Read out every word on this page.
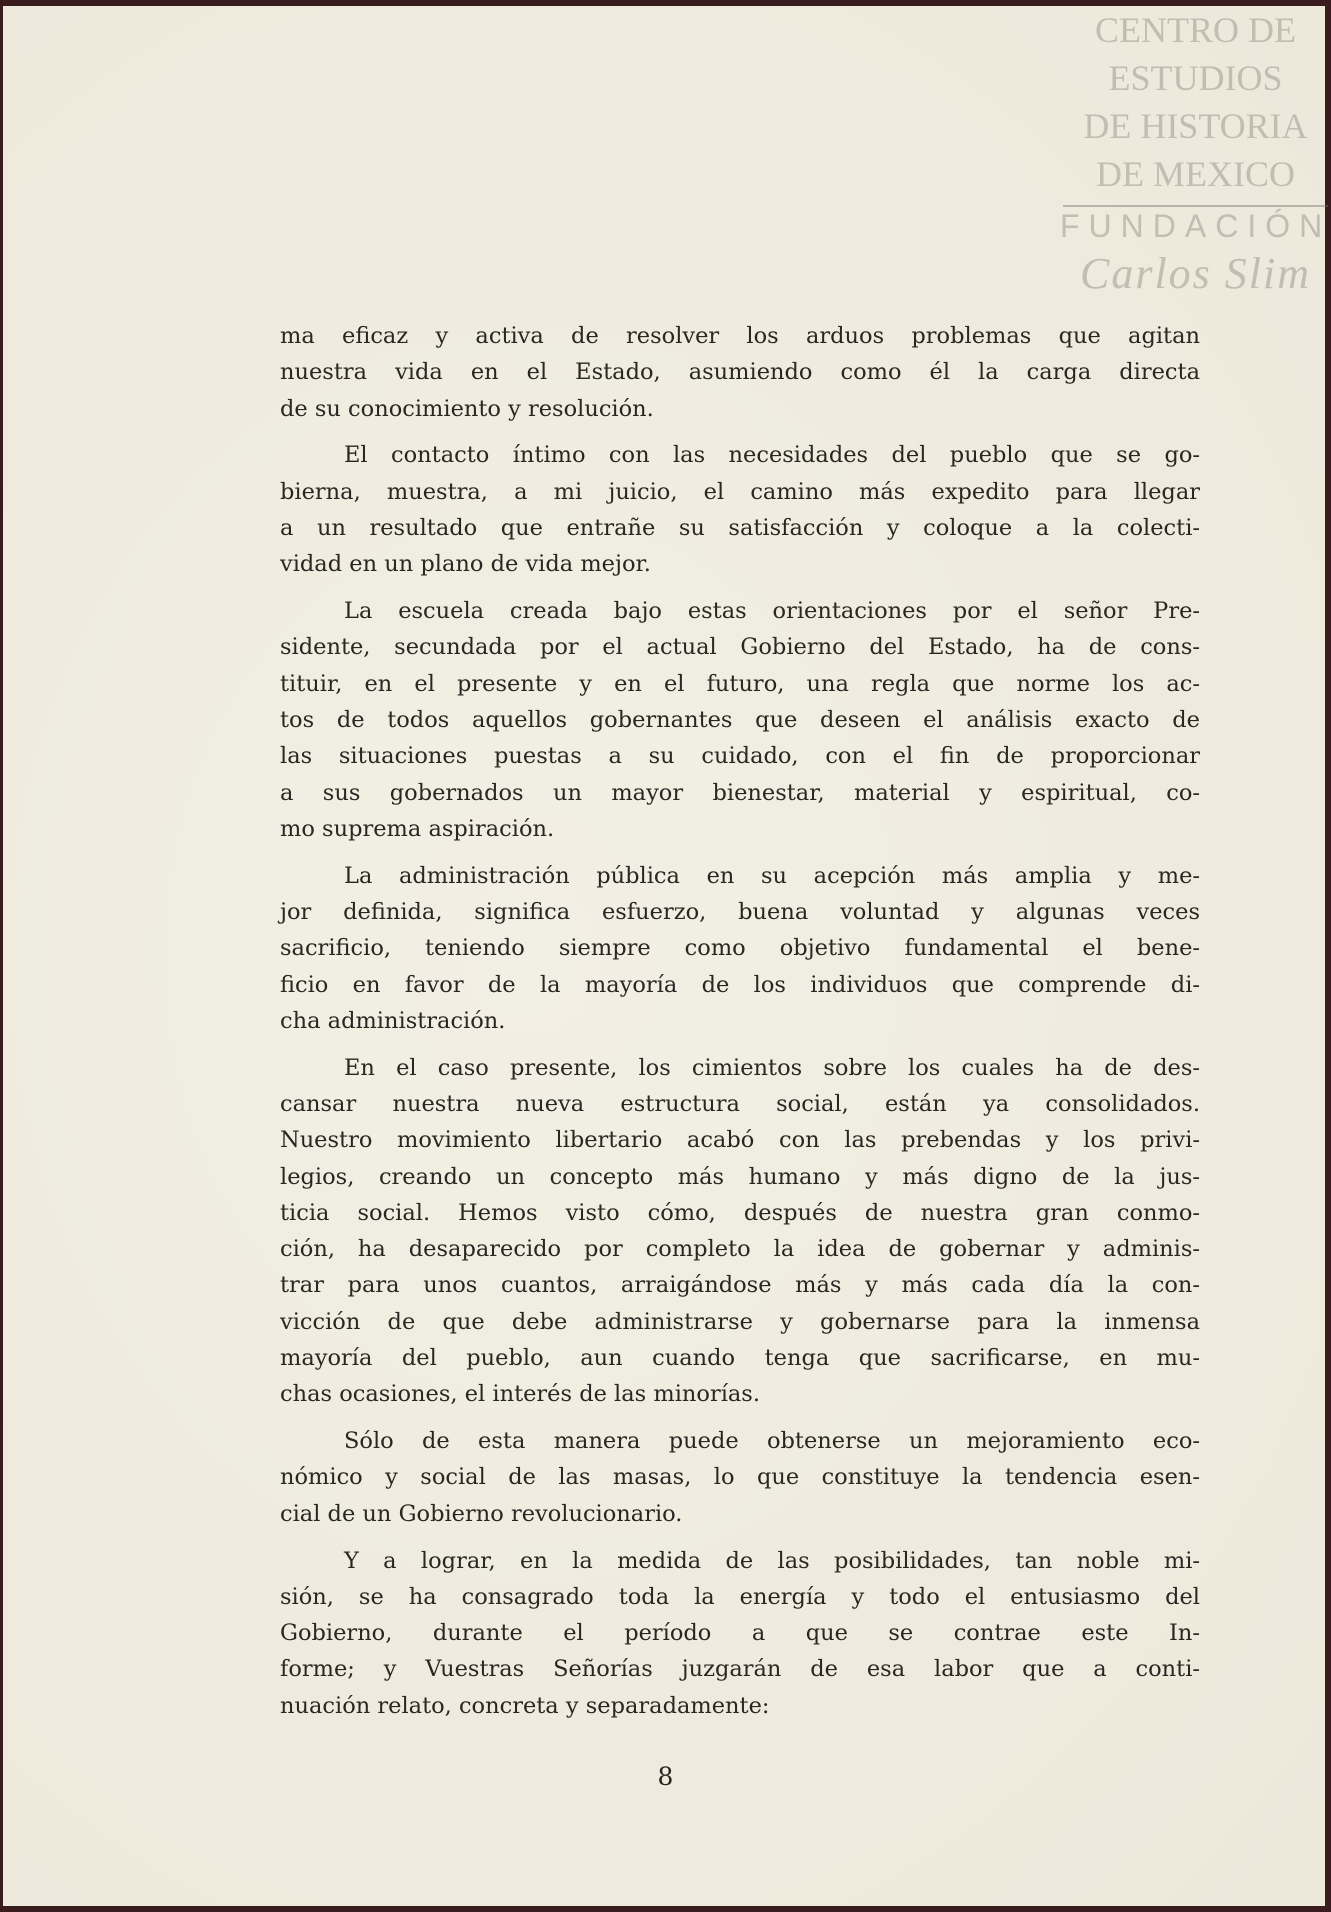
CENTRO DE
ESTUDIOS
DE HISTORIA
DE MEXICO
FUNDACIÓN
Carlos Slim
ma eficaz y activa de resolver los arduos problemas que agitan
nuestra vida en el Estado, asumiendo como él la carga directa
de su conocimiento y resolución.
El contacto íntimo con las necesidades del pueblo que se go-
bierna, muestra, a mi juicio, el camino más expedito para llegar
a un resultado que entrañe su satisfacción y coloque a la colecti-
vidad en un plano de vida mejor.
La escuela creada bajo estas orientaciones por el señor Pre-
sidente, secundada por el actual Gobierno del Estado, ha de cons-
tituir, en el presente y en el futuro, una regla que norme los ac-
tos de todos aquellos gobernantes que deseen el análisis exacto de
las situaciones puestas a su cuidado, con el fin de proporcionar
a sus gobernados un mayor bienestar, material y espiritual, co-
mo suprema aspiración.
La administración pública en su acepción más amplia y me-
jor definida, significa esfuerzo, buena voluntad y algunas veces
sacrificio, teniendo siempre como objetivo fundamental el bene-
ficio en favor de la mayoría de los individuos que comprende di-
cha administración.
En el caso presente, los cimientos sobre los cuales ha de des-
cansar nuestra nueva estructura social, están ya consolidados.
Nuestro movimiento libertario acabó con las prebendas y los privi-
legios, creando un concepto más humano y más digno de la jus-
ticia social. Hemos visto cómo, después de nuestra gran conmo-
ción, ha desaparecido por completo la idea de gobernar y adminis-
trar para unos cuantos, arraigándose más y más cada día la con-
vicción de que debe administrarse y gobernarse para la inmensa
mayoría del pueblo, aun cuando tenga que sacrificarse, en mu-
chas ocasiones, el interés de las minorías.
Sólo de esta manera puede obtenerse un mejoramiento eco-
nómico y social de las masas, lo que constituye la tendencia esen-
cial de un Gobierno revolucionario.
Y a lograr, en la medida de las posibilidades, tan noble mi-
sión, se ha consagrado toda la energía y todo el entusiasmo del
Gobierno, durante el período a que se contrae este In-
forme; y Vuestras Señorías juzgarán de esa labor que a conti-
nuación relato, concreta y separadamente:
8
